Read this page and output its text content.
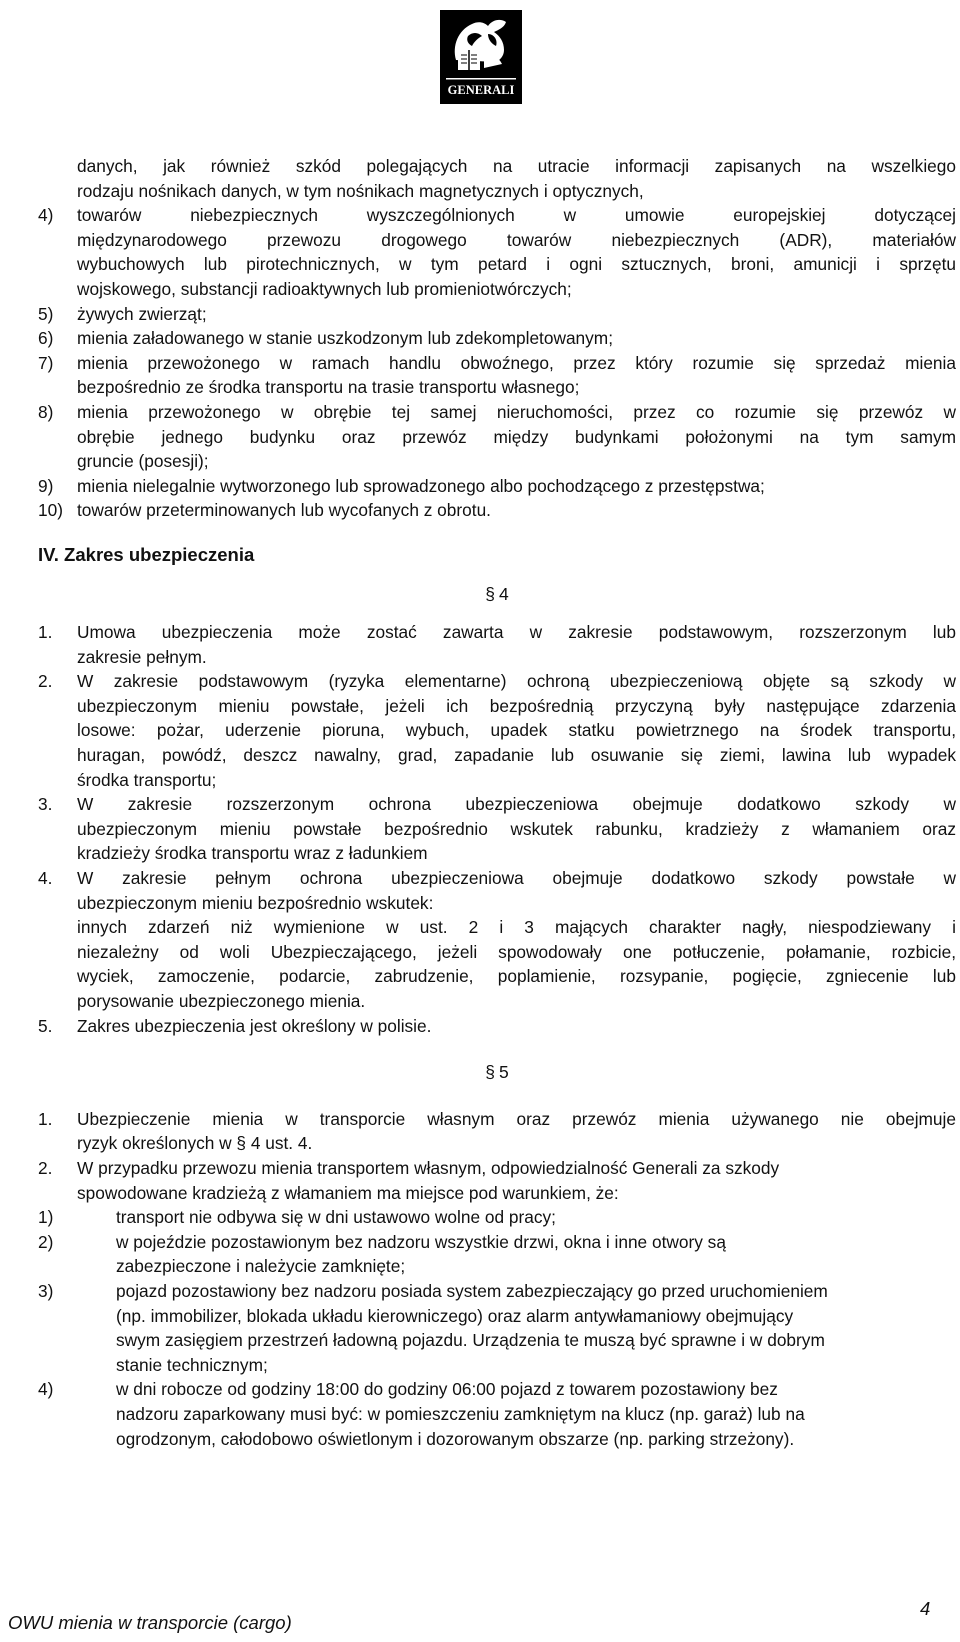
GENERALI
danych, jak również szkód polegających na utracie informacji zapisanych na wszelkiego
rodzaju nośnikach danych, w tym nośnikach magnetycznych i optycznych,
4) towarów niebezpiecznych wyszczególnionych w umowie europejskiej dotyczącej
międzynarodowego przewozu drogowego towarów niebezpiecznych (ADR), materiałów
wybuchowych lub pirotechnicznych, w tym petard i ogni sztucznych, broni, amunicji i sprzętu
wojskowego, substancji radioaktywnych lub promieniotwórczych;
5) żywych zwierząt;
6) mienia załadowanego w stanie uszkodzonym lub zdekompletowanym;
7) mienia przewożonego w ramach handlu obwoźnego, przez który rozumie się sprzedaż mienia
bezpośrednio ze środka transportu na trasie transportu własnego;
8) mienia przewożonego w obrębie tej samej nieruchomości, przez co rozumie się przewóz w
obrębie jednego budynku oraz przewóz między budynkami położonymi na tym samym
gruncie (posesji);
9) mienia nielegalnie wytworzonego lub sprowadzonego albo pochodzącego z przestępstwa;
10) towarów przeterminowanych lub wycofanych z obrotu.
IV. Zakres ubezpieczenia
§ 4
1. Umowa ubezpieczenia może zostać zawarta w zakresie podstawowym, rozszerzonym lub
zakresie pełnym.
2. W zakresie podstawowym (ryzyka elementarne) ochroną ubezpieczeniową objęte są szkody w
ubezpieczonym mieniu powstałe, jeżeli ich bezpośrednią przyczyną były następujące zdarzenia
losowe: pożar, uderzenie pioruna, wybuch, upadek statku powietrznego na środek transportu,
huragan, powódź, deszcz nawalny, grad, zapadanie lub osuwanie się ziemi, lawina lub wypadek
środka transportu;
3. W zakresie rozszerzonym ochrona ubezpieczeniowa obejmuje dodatkowo szkody w
ubezpieczonym mieniu powstałe bezpośrednio wskutek rabunku, kradzieży z włamaniem oraz
kradzieży środka transportu wraz z ładunkiem
4. W zakresie pełnym ochrona ubezpieczeniowa obejmuje dodatkowo szkody powstałe w
ubezpieczonym mieniu bezpośrednio wskutek:
innych zdarzeń niż wymienione w ust. 2 i 3 mających charakter nagły, niespodziewany i
niezależny od woli Ubezpieczającego, jeżeli spowodowały one potłuczenie, połamanie, rozbicie,
wyciek, zamoczenie, podarcie, zabrudzenie, poplamienie, rozsypanie, pogięcie, zgniecenie lub
porysowanie ubezpieczonego mienia.
5. Zakres ubezpieczenia jest określony w polisie.
§ 5
1. Ubezpieczenie mienia w transporcie własnym oraz przewóz mienia używanego nie obejmuje
ryzyk określonych w § 4 ust. 4.
2. W przypadku przewozu mienia transportem własnym, odpowiedzialność Generali za szkody
spowodowane kradzieżą z włamaniem ma miejsce pod warunkiem, że:
1)	transport nie odbywa się w dni ustawowo wolne od pracy;
2)	w pojeździe pozostawionym bez nadzoru wszystkie drzwi, okna i inne otwory są
zabezpieczone i należycie zamknięte;
3)	pojazd pozostawiony bez nadzoru posiada system zabezpieczający go przed uruchomieniem
(np. immobilizer, blokada układu kierowniczego) oraz alarm antywłamaniowy obejmujący
swym zasięgiem przestrzeń ładowną pojazdu. Urządzenia te muszą być sprawne i w dobrym
stanie technicznym;
4)	w dni robocze od godziny 18:00 do godziny 06:00 pojazd z towarem pozostawiony bez
nadzoru zaparkowany musi być: w pomieszczeniu zamkniętym na klucz (np. garaż) lub na
ogrodzonym, całodobowo oświetlonym i dozorowanym obszarze (np. parking strzeżony).
OWU mienia w transporcie (cargo)
4
